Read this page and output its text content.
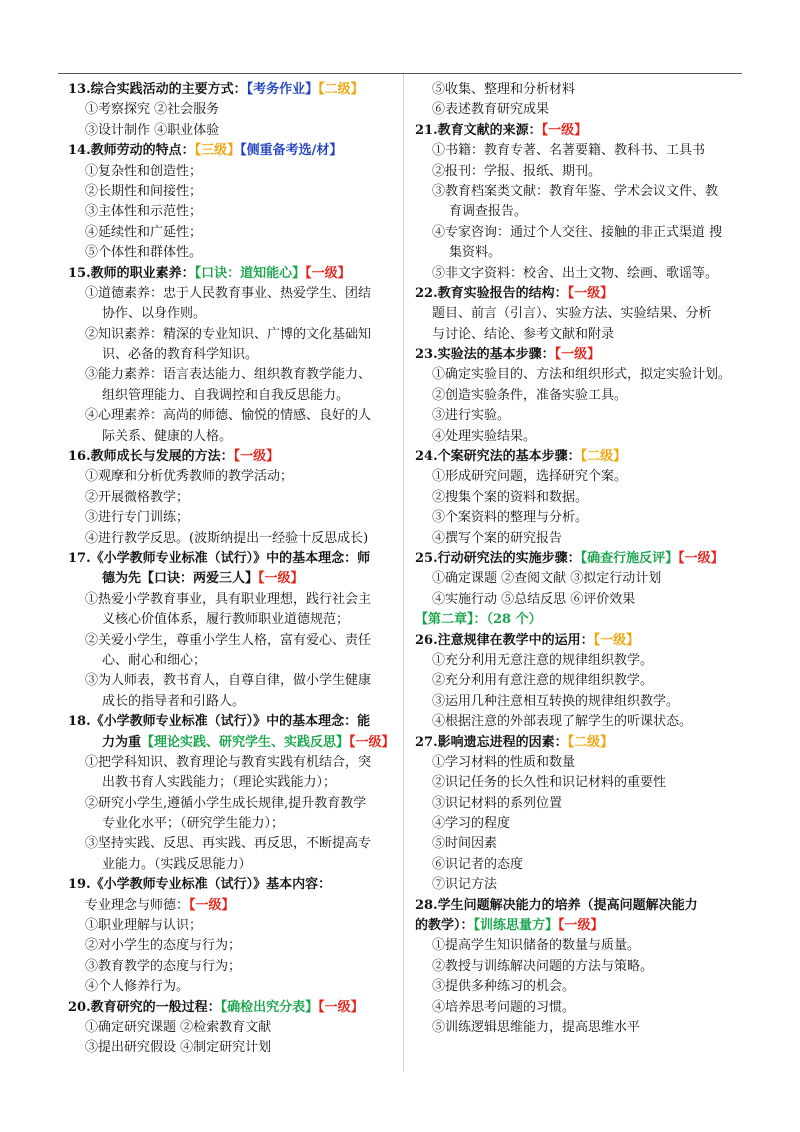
13.综合实践活动的主要方式：【考务作业】【二级】
①考察探究 ②社会服务
③设计制作 ④职业体验
14.教师劳动的特点：【三级】【侧重备考选/材】
①复杂性和创造性；
②长期性和间接性；
③主体性和示范性；
④延续性和广延性；
⑤个体性和群体性。
15.教师的职业素养：【口诀：道知能心】【一级】
①道德素养：忠于人民教育事业、热爱学生、团结
协作、以身作则。
②知识素养：精深的专业知识、广博的文化基础知
识、必备的教育科学知识。
③能力素养：语言表达能力、组织教育教学能力、
组织管理能力、自我调控和自我反思能力。
④心理素养：高尚的师德、愉悦的情感、良好的人
际关系、健康的人格。
16.教师成长与发展的方法：【一级】
①观摩和分析优秀教师的教学活动；
②开展微格教学；
③进行专门训练；
④进行教学反思。(波斯纳提出一经验十反思成长)
17.《小学教师专业标准（试行）》中的基本理念：师
德为先【口诀：两爱三人】【一级】
①热爱小学教育事业，具有职业理想，践行社会主
义核心价值体系，履行教师职业道德规范；
②关爱小学生，尊重小学生人格，富有爱心、责任
心、耐心和细心；
③为人师表，教书育人，自尊自律，做小学生健康
成长的指导者和引路人。
18.《小学教师专业标准（试行）》中的基本理念：能
力为重【理论实践、研究学生、实践反思】【一级】
①把学科知识、教育理论与教育实践有机结合，突
出教书育人实践能力；（理论实践能力）；
②研究小学生,遵循小学生成长规律,提升教育教学
专业化水平；（研究学生能力）；
③坚持实践、反思、再实践、再反思，不断提高专
业能力。（实践反思能力）
19.《小学教师专业标准（试行）》基本内容：
专业理念与师德：【一级】
①职业理解与认识；
②对小学生的态度与行为；
③教育教学的态度与行为；
④个人修养行为。
20.教育研究的一般过程：【确检出究分表】【一级】
①确定研究课题 ②检索教育文献
③提出研究假设 ④制定研究计划
⑤收集、整理和分析材料
⑥表述教育研究成果
21.教育文献的来源：【一级】
①书籍：教育专著、名著要籍、教科书、工具书
②报刊：学报、报纸、期刊。
③教育档案类文献：教育年鉴、学术会议文件、教
育调查报告。
④专家咨询：通过个人交往、接触的非正式渠道 搜
集资料。
⑤非文字资料：校舍、出土文物、绘画、歌谣等。
22.教育实验报告的结构：【一级】
题目、前言（引言）、实验方法、实验结果、分析
与讨论、结论、参考文献和附录
23.实验法的基本步骤：【一级】
①确定实验目的、方法和组织形式，拟定实验计划。
②创造实验条件，准备实验工具。
③进行实验。
④处理实验结果。
24.个案研究法的基本步骤：【二级】
①形成研究问题，选择研究个案。
②搜集个案的资料和数据。
③个案资料的整理与分析。
④撰写个案的研究报告
25.行动研究法的实施步骤：【确查行施反评】【一级】
①确定课题 ②查阅文献 ③拟定行动计划
④实施行动 ⑤总结反思 ⑥评价效果
【第二章】：（28 个）
26.注意规律在教学中的运用：【一级】
①充分利用无意注意的规律组织教学。
②充分利用有意注意的规律组织教学。
③运用几种注意相互转换的规律组织教学。
④根据注意的外部表现了解学生的听课状态。
27.影响遗忘进程的因素：【二级】
①学习材料的性质和数量
②识记任务的长久性和识记材料的重要性
③识记材料的系列位置
④学习的程度
⑤时间因素
⑥识记者的态度
⑦识记方法
28.学生问题解决能力的培养（提高问题解决能力
的教学）：【训练思量方】【一级】
①提高学生知识储备的数量与质量。
②教授与训练解决问题的方法与策略。
③提供多种练习的机会。
④培养思考问题的习惯。
⑤训练逻辑思维能力，提高思维水平
